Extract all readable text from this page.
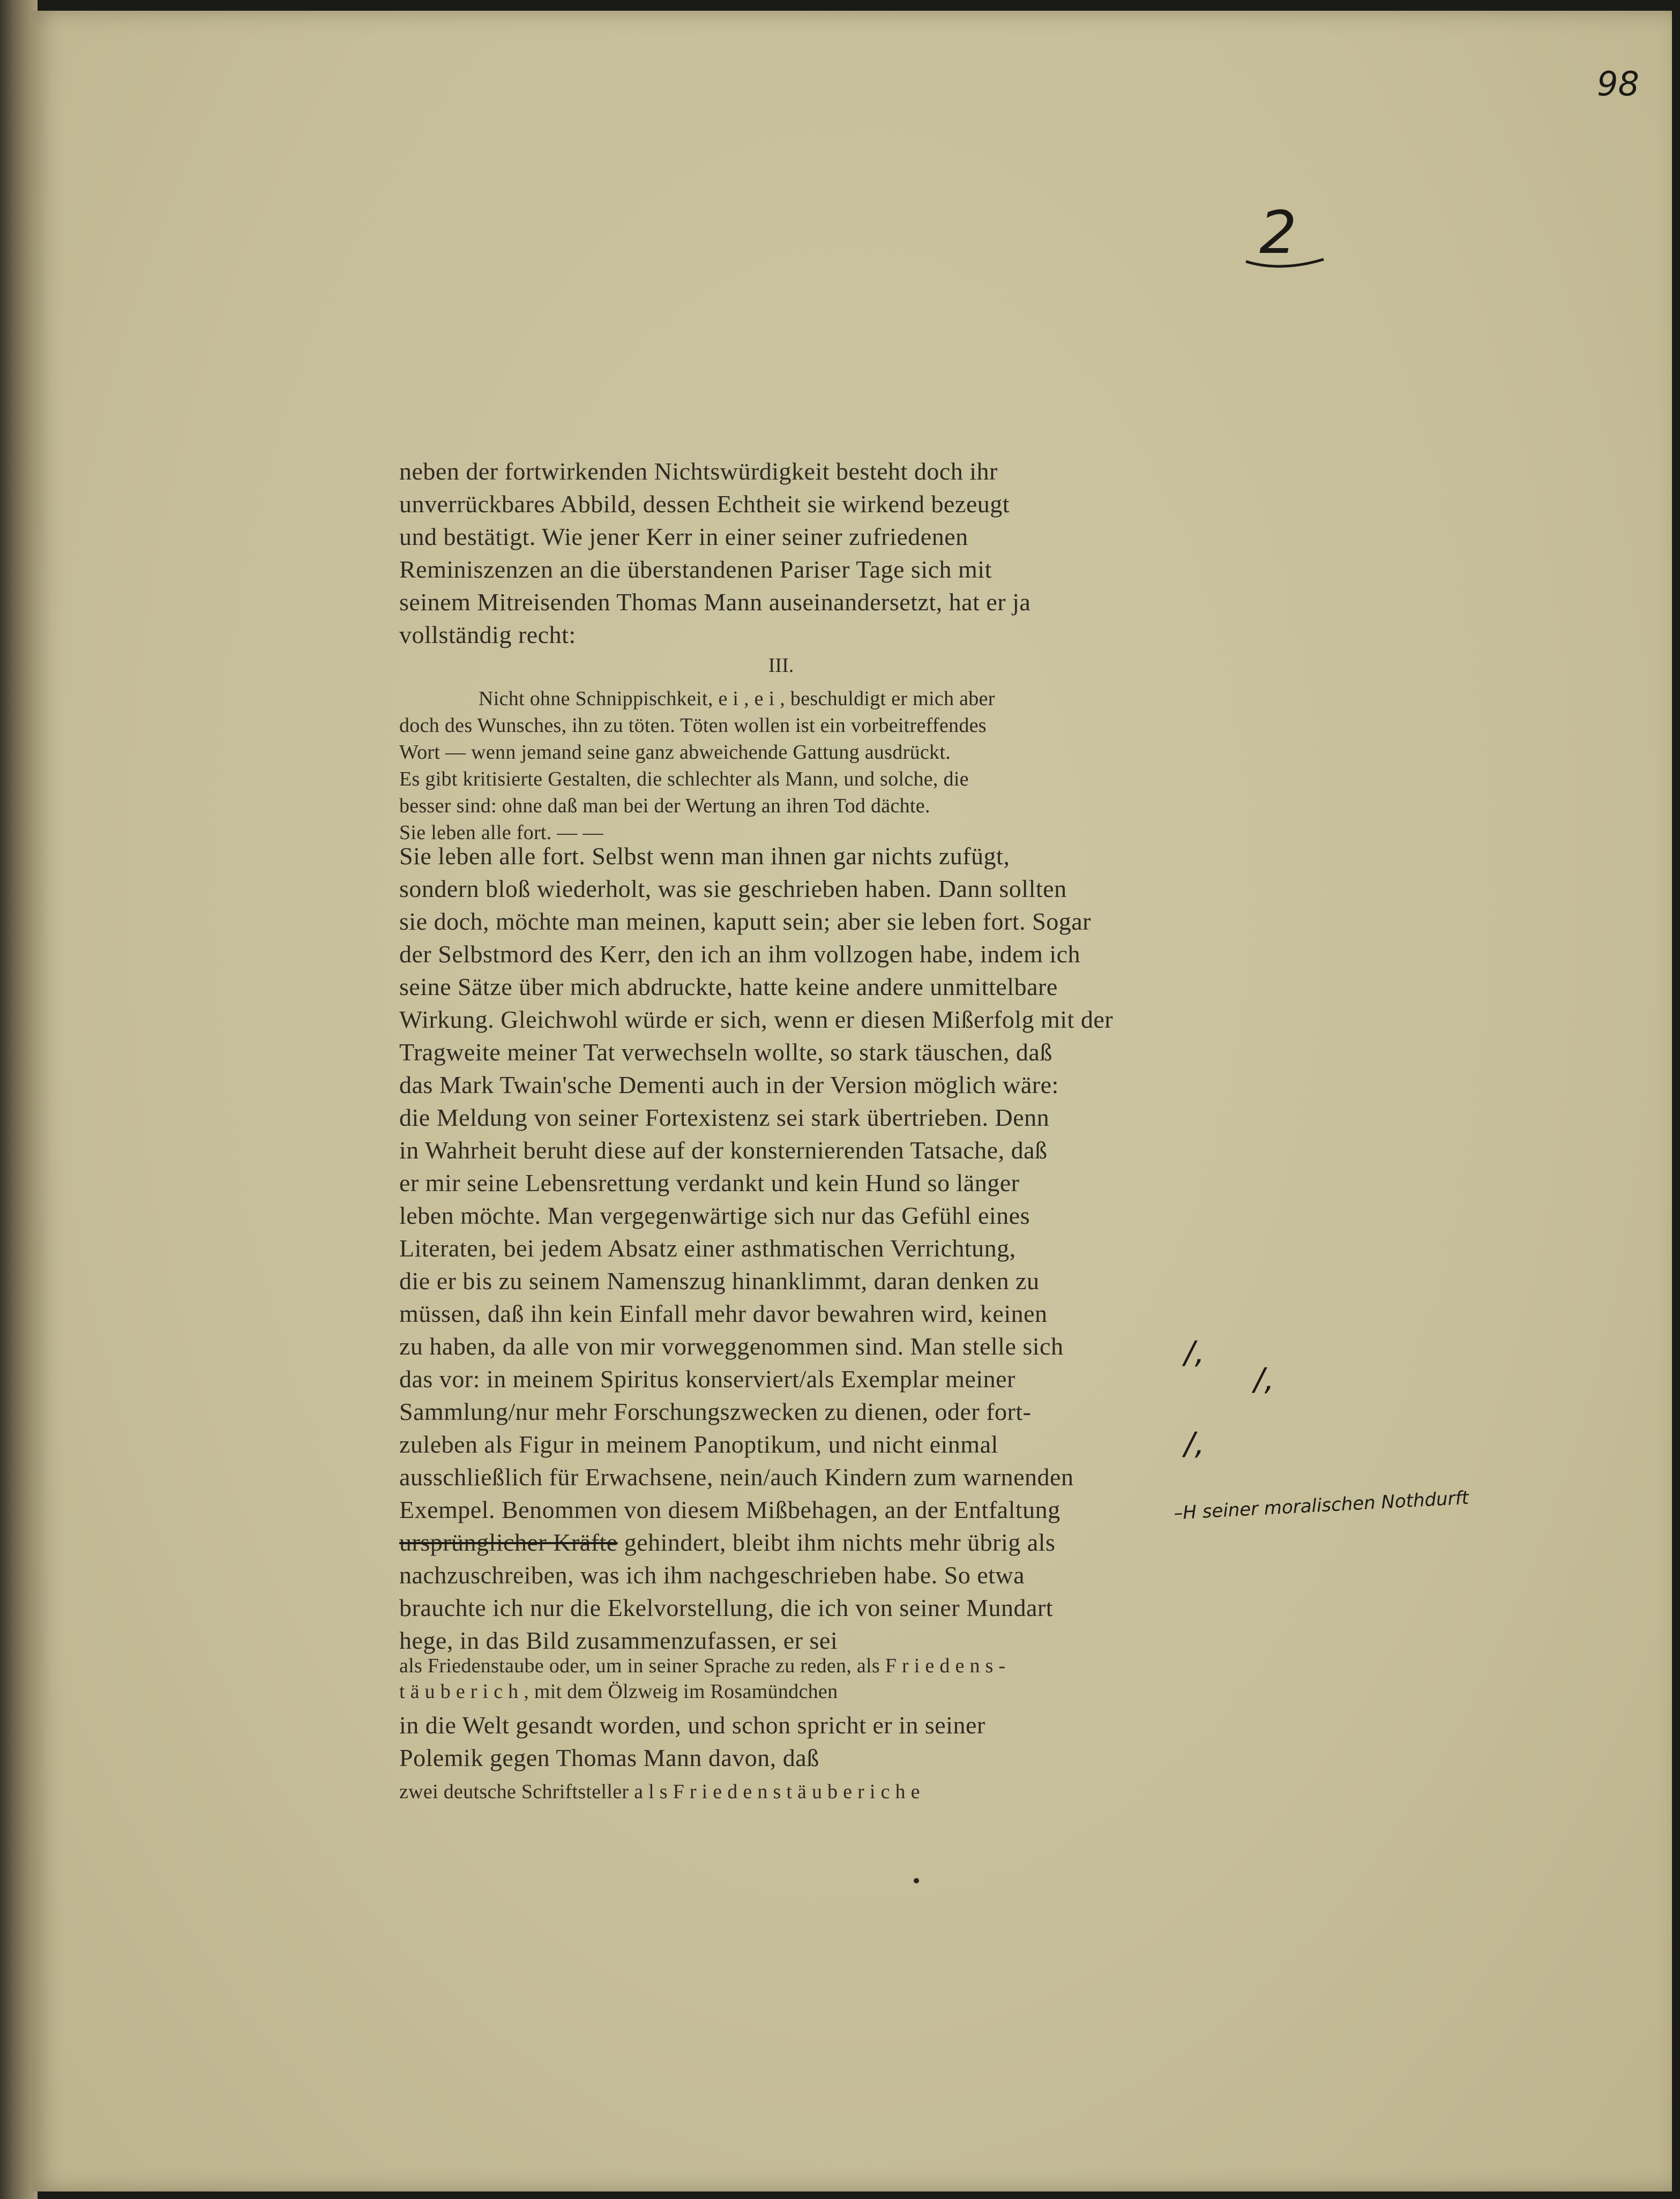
98
2
neben der fortwirkenden Nichtswürdigkeit besteht doch ihr
unverrückbares Abbild, dessen Echtheit sie wirkend bezeugt
und bestätigt. Wie jener Kerr in einer seiner zufriedenen
Reminiszenzen an die überstandenen Pariser Tage sich mit
seinem Mitreisenden Thomas Mann auseinandersetzt, hat er ja
vollständig recht:
III.
Nicht ohne Schnippischkeit, e i , e i , beschuldigt er mich aber
doch des Wunsches, ihn zu töten. Töten wollen ist ein vorbeitreffendes
Wort — wenn jemand seine ganz abweichende Gattung ausdrückt.
Es gibt kritisierte Gestalten, die schlechter als Mann, und solche, die
besser sind: ohne daß man bei der Wertung an ihren Tod dächte.
Sie leben alle fort. — —
Sie leben alle fort. Selbst wenn man ihnen gar nichts zufügt,
sondern bloß wiederholt, was sie geschrieben haben. Dann sollten
sie doch, möchte man meinen, kaputt sein; aber sie leben fort. Sogar
der Selbstmord des Kerr, den ich an ihm vollzogen habe, indem ich
seine Sätze über mich abdruckte, hatte keine andere unmittelbare
Wirkung. Gleichwohl würde er sich, wenn er diesen Mißerfolg mit der
Tragweite meiner Tat verwechseln wollte, so stark täuschen, daß
das Mark Twain'sche Dementi auch in der Version möglich wäre:
die Meldung von seiner Fortexistenz sei stark übertrieben. Denn
in Wahrheit beruht diese auf der konsternierenden Tatsache, daß
er mir seine Lebensrettung verdankt und kein Hund so länger
leben möchte. Man vergegenwärtige sich nur das Gefühl eines
Literaten, bei jedem Absatz einer asthmatischen Verrichtung,
die er bis zu seinem Namenszug hinanklimmt, daran denken zu
müssen, daß ihn kein Einfall mehr davor bewahren wird, keinen
zu haben, da alle von mir vorweggenommen sind. Man stelle sich
das vor: in meinem Spiritus konserviert/als Exemplar meiner
Sammlung/nur mehr Forschungszwecken zu dienen, oder fort-
zuleben als Figur in meinem Panoptikum, und nicht einmal
ausschließlich für Erwachsene, nein/auch Kindern zum warnenden
Exempel. Benommen von diesem Mißbehagen, an der Entfaltung
ursprünglicher Kräfte gehindert, bleibt ihm nichts mehr übrig als
nachzuschreiben, was ich ihm nachgeschrieben habe. So etwa
brauchte ich nur die Ekelvorstellung, die ich von seiner Mundart
hege, in das Bild zusammenzufassen, er sei
als Friedenstaube oder, um in seiner Sprache zu reden, als F r i e d e n s -
t ä u b e r i c h , mit dem Ölzweig im Rosamündchen
in die Welt gesandt worden, und schon spricht er in seiner
Polemik gegen Thomas Mann davon, daß
zwei deutsche Schriftsteller a l s F r i e d e n s t ä u b e r i c h e
/,
/,
/,
–H seiner moralischen Nothdurft
